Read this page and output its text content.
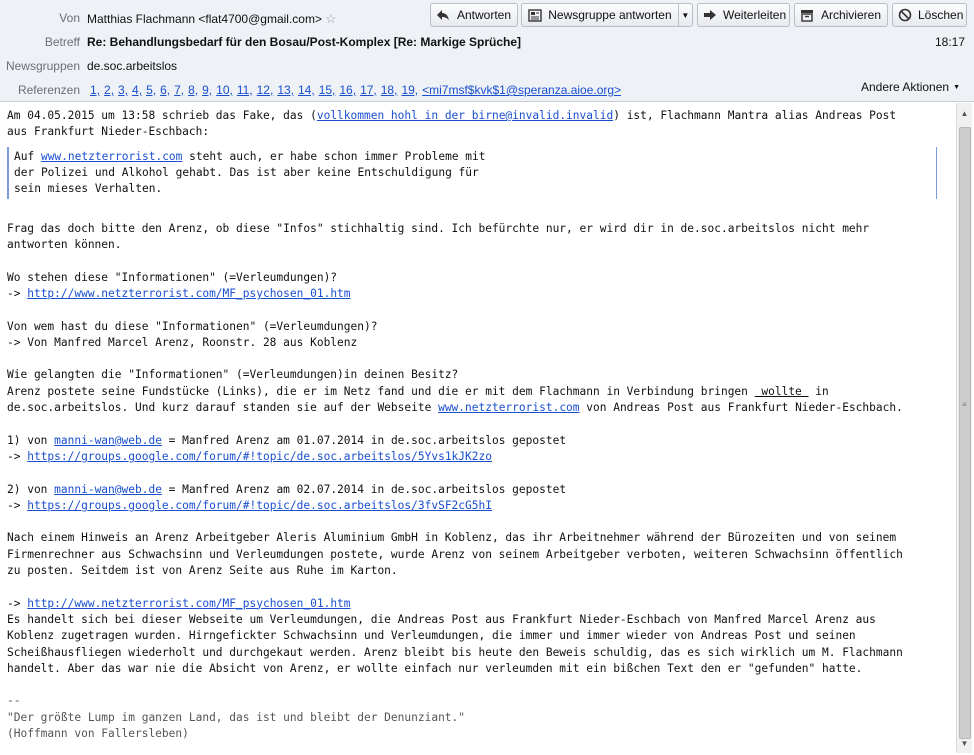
Von Matthias Flachmann <flat4700@gmail.com> ☆	Antworten	Newsgruppe antworten	▼	Weiterleiten	Archivieren	Löschen
Betreff Re: Behandlungsbedarf für den Bosau/Post-Komplex [Re: Markige Sprüche]	18:17
Newsgruppen de.soc.arbeitslos
Referenzen 1, 2, 3, 4, 5, 6, 7, 8, 9, 10, 11, 12, 13, 14, 15, 16, 17, 18, 19, <mi7msf$kvk$1@speranza.aioe.org>	Andere Aktionen ▼
Am 04.05.2015 um 13:58 schrieb das Fake, das (vollkommen hohl in der birne@invalid.invalid) ist, Flachmann Mantra alias Andreas Post
aus Frankfurt Nieder-Eschbach:
Auf www.netzterrorist.com steht auch, er habe schon immer Probleme mit
der Polizei und Alkohol gehabt. Das ist aber keine Entschuldigung für
sein mieses Verhalten.
Frag das doch bitte den Arenz, ob diese "Infos" stichhaltig sind. Ich befürchte nur, er wird dir in de.soc.arbeitslos nicht mehr
antworten können.
Wo stehen diese "Informationen" (=Verleumdungen)?
-> http://www.netzterrorist.com/MF_psychosen_01.htm
Von wem hast du diese "Informationen" (=Verleumdungen)?
-> Von Manfred Marcel Arenz, Roonstr. 28 aus Koblenz
Wie gelangten die "Informationen" (=Verleumdungen)in deinen Besitz?
Arenz postete seine Fundstücke (Links), die er im Netz fand und die er mit dem Flachmann in Verbindung bringen  wollte  in
de.soc.arbeitslos. Und kurz darauf standen sie auf der Webseite www.netzterrorist.com von Andreas Post aus Frankfurt Nieder-Eschbach.
1) von manni-wan@web.de = Manfred Arenz am 01.07.2014 in de.soc.arbeitslos gepostet
-> https://groups.google.com/forum/#!topic/de.soc.arbeitslos/5Yvs1kJK2zo
2) von manni-wan@web.de = Manfred Arenz am 02.07.2014 in de.soc.arbeitslos gepostet
-> https://groups.google.com/forum/#!topic/de.soc.arbeitslos/3fvSF2cG5hI
Nach einem Hinweis an Arenz Arbeitgeber Aleris Aluminium GmbH in Koblenz, das ihr Arbeitnehmer während der Bürozeiten und von seinem
Firmenrechner aus Schwachsinn und Verleumdungen postete, wurde Arenz von seinem Arbeitgeber verboten, weiteren Schwachsinn öffentlich
zu posten. Seitdem ist von Arenz Seite aus Ruhe im Karton.
-> http://www.netzterrorist.com/MF_psychosen_01.htm
Es handelt sich bei dieser Webseite um Verleumdungen, die Andreas Post aus Frankfurt Nieder-Eschbach von Manfred Marcel Arenz aus
Koblenz zugetragen wurden. Hirngefickter Schwachsinn und Verleumdungen, die immer und immer wieder von Andreas Post und seinen
Scheißhausfliegen wiederholt und durchgekaut werden. Arenz bleibt bis heute den Beweis schuldig, das es sich wirklich um M. Flachmann
handelt. Aber das war nie die Absicht von Arenz, er wollte einfach nur verleumden mit ein bißchen Text den er "gefunden" hatte.
--
"Der größte Lump im ganzen Land, das ist und bleibt der Denunziant."
(Hoffmann von Fallersleben)
▲
≡
▼
